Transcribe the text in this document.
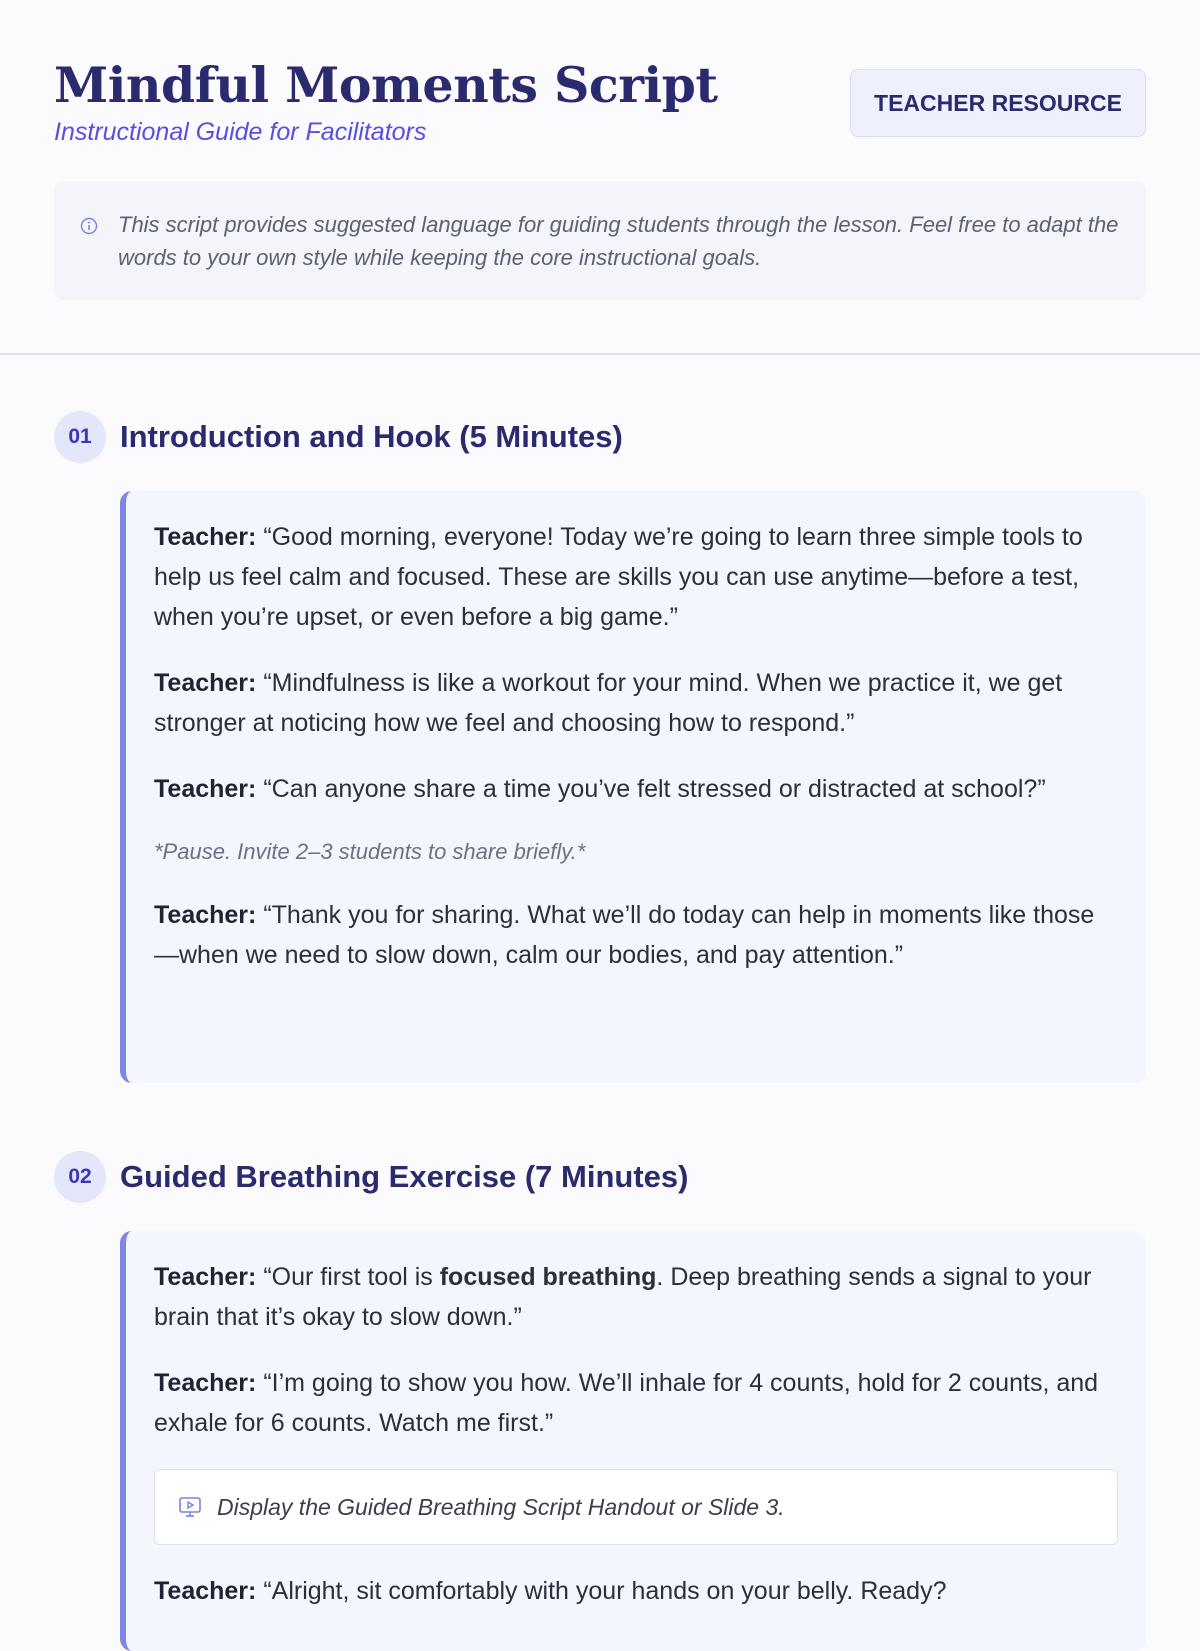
Mindful Moments Script
Instructional Guide for Facilitators
TEACHER RESOURCE
This script provides suggested language for guiding students through the lesson. Feel free to adapt the words to your own style while keeping the core instructional goals.
01 Introduction and Hook (5 Minutes)

Teacher: “Good morning, everyone! Today we’re going to learn three simple tools to help us feel calm and focused. These are skills you can use anytime—before a test, when you’re upset, or even before a big game.”

Teacher: “Mindfulness is like a workout for your mind. When we practice it, we get stronger at noticing how we feel and choosing how to respond.”

Teacher: “Can anyone share a time you’ve felt stressed or distracted at school?”

*Pause. Invite 2–3 students to share briefly.*

Teacher: “Thank you for sharing. What we’ll do today can help in moments like those—when we need to slow down, calm our bodies, and pay attention.”

02 Guided Breathing Exercise (7 Minutes)

Teacher: “Our first tool is focused breathing. Deep breathing sends a signal to your brain that it’s okay to slow down.”

Teacher: “I’m going to show you how. We’ll inhale for 4 counts, hold for 2 counts, and exhale for 6 counts. Watch me first.”

Display the Guided Breathing Script Handout or Slide 3.

Teacher: “Alright, sit comfortably with your hands on your belly. Ready?
